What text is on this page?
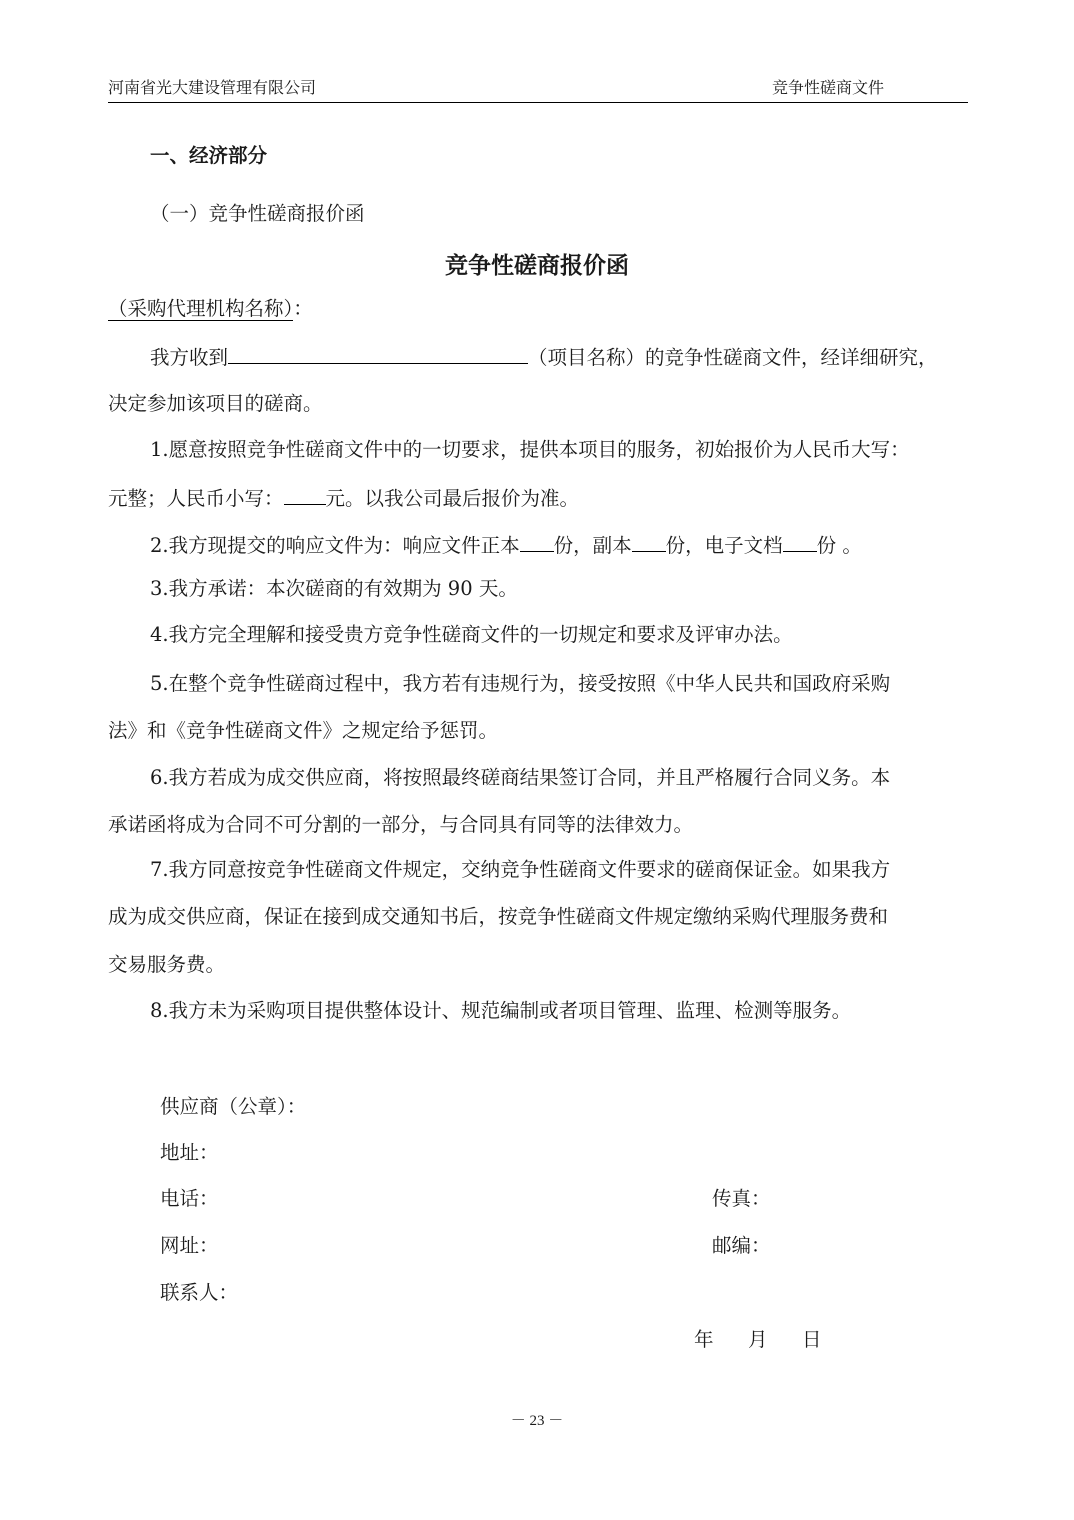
河南省光大建设管理有限公司	竞争性磋商文件
一、经济部分
（一）竞争性磋商报价函
竞争性磋商报价函
（采购代理机构名称）：
我方收到	（项目名称）的竞争性磋商文件，经详细研究，
决定参加该项目的磋商。
1.愿意按照竞争性磋商文件中的一切要求，提供本项目的服务，初始报价为人民币大写：
元整；人民币小写： 元。以我公司最后报价为准。
2.我方现提交的响应文件为：响应文件正本 份，副本 份，电子文档 份 。
3.我方承诺：本次磋商的有效期为 90 天。
4.我方完全理解和接受贵方竞争性磋商文件的一切规定和要求及评审办法。
5.在整个竞争性磋商过程中，我方若有违规行为，接受按照《中华人民共和国政府采购
法》和《竞争性磋商文件》之规定给予惩罚。
6.我方若成为成交供应商，将按照最终磋商结果签订合同，并且严格履行合同义务。本
承诺函将成为合同不可分割的一部分，与合同具有同等的法律效力。
7.我方同意按竞争性磋商文件规定，交纳竞争性磋商文件要求的磋商保证金。如果我方
成为成交供应商，保证在接到成交通知书后，按竞争性磋商文件规定缴纳采购代理服务费和
交易服务费。
8.我方未为采购项目提供整体设计、规范编制或者项目管理、监理、检测等服务。
供应商（公章）：
地址：
电话：	传真：
网址：	邮编：
联系人：
年 月 日
－ 23 －
